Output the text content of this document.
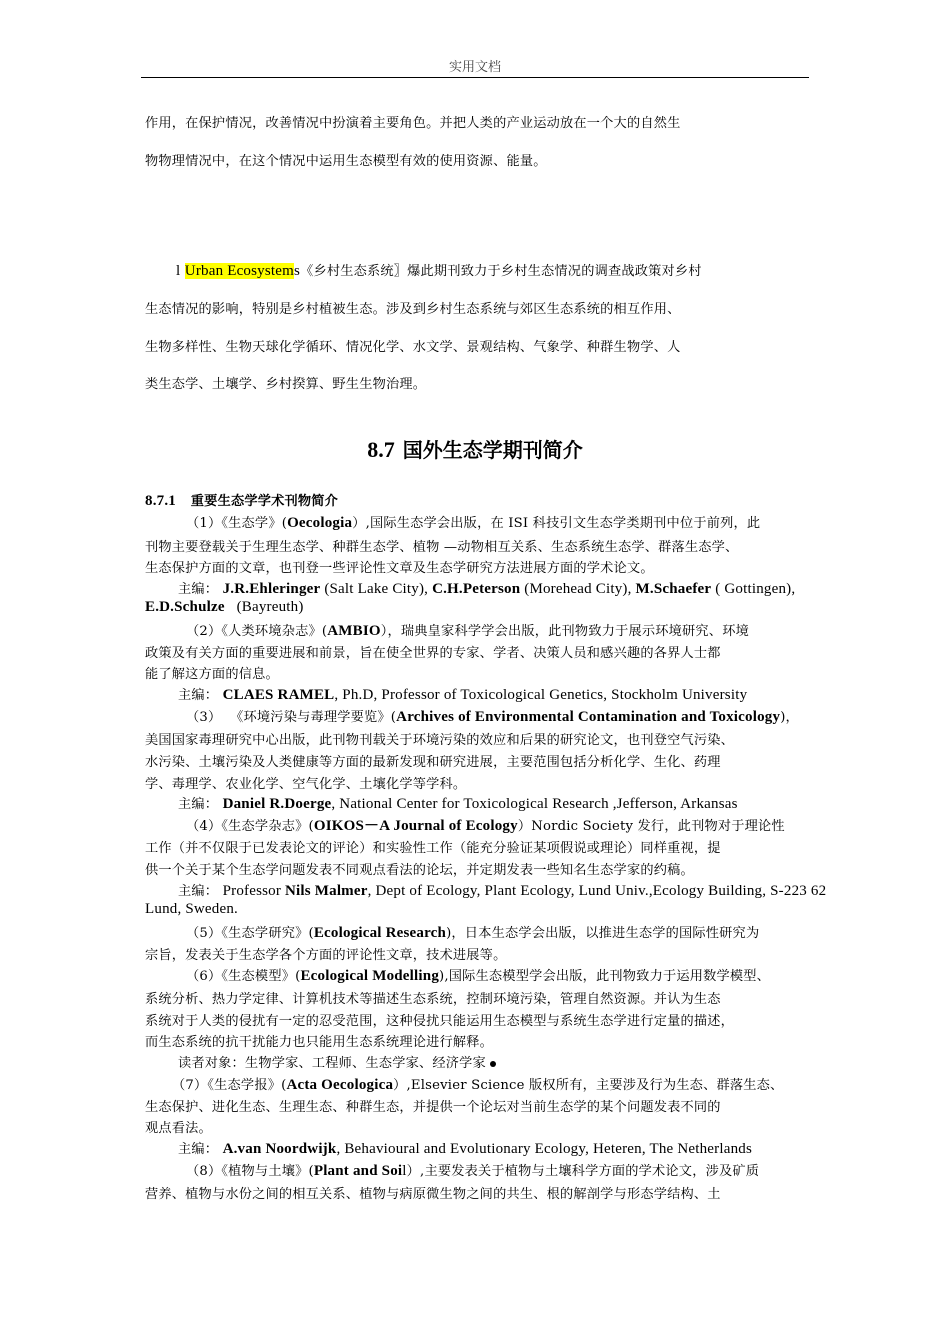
实用文档
作用，在保护情况，改善情况中扮演着主要角色。并把人类的产业运动放在一个大的自然生
物物理情况中，在这个情况中运用生态模型有效的使用资源、能量。
l Urban Ecosystems《乡村生态系统〗爆此期刊致力于乡村生态情况的调查战政策对乡村
生态情况的影响，特别是乡村植被生态。涉及到乡村生态系统与郊区生态系统的相互作用、
生物多样性、生物天球化学循环、情况化学、水文学、景观结构、气象学、种群生物学、人
类生态学、土壤学、乡村揆算、野生生物治理。
8.7 国外生态学期刊简介
8.7.1 重要生态学学术刊物简介
（1）《生态学》(Oecologia）,国际生态学会出版，在 ISI 科技引文生态学类期刊中位于前列，此
刊物主要登载关于生理生态学、种群生态学、植物 —动物相互关系、生态系统生态学、群落生态学、
生态保护方面的文章，也刊登一些评论性文章及生态学研究方法进展方面的学术论文。
主编： J.R.Ehleringer (Salt Lake City), C.H.Peterson (Morehead City), M.Schaefer ( Gottingen),
E.D.Schulze   (Bayreuth)
（2）《人类环境杂志》(AMBIO），瑞典皇家科学学会出版，此刊物致力于展示环境研究、环境
政策及有关方面的重要进展和前景，旨在使全世界的专家、学者、决策人员和感兴趣的各界人士都
能了解这方面的信息。
主编： CLAES RAMEL, Ph.D, Professor of Toxicological Genetics, Stockholm University
（3）  《环境污染与毒理学要览》(Archives of Environmental Contamination and Toxicology)，
美国国家毒理研究中心出版，此刊物刊载关于环境污染的效应和后果的研究论文，也刊登空气污染、
水污染、土壤污染及人类健康等方面的最新发现和研究进展，主要范围包括分析化学、生化、药理
学、毒理学、农业化学、空气化学、土壤化学等学科。
主编： Daniel R.Doerge, National Center for Toxicological Research ,Jefferson, Arkansas
（4）《生态学杂志》(OIKOS－A Journal of Ecology）Nordic Society 发行，此刊物对于理论性
工作（并不仅限于已发表论文的评论）和实验性工作（能充分验证某项假说或理论）同样重视，提
供一个关于某个生态学问题发表不同观点看法的论坛，并定期发表一些知名生态学家的约稿。
主编： Professor Nils Malmer, Dept of Ecology, Plant Ecology, Lund Univ.,Ecology Building, S-223 62
Lund, Sweden.
（5）《生态学研究》(Ecological Research)，日本生态学会出版，以推进生态学的国际性研究为
宗旨，发表关于生态学各个方面的评论性文章，技术进展等。
（6）《生态模型》(Ecological Modelling),国际生态模型学会出版，此刊物致力于运用数学模型、
系统分析、热力学定律、计算机技术等描述生态系统，控制环境污染，管理自然资源。并认为生态
系统对于人类的侵扰有一定的忍受范围，这种侵扰只能运用生态模型与系统生态学进行定量的描述，
而生态系统的抗干扰能力也只能用生态系统理论进行解释。
读者对象：生物学家、工程师、生态学家、经济学家
（7）《生态学报》(Acta Oecologica）,Elsevier Science 版权所有，主要涉及行为生态、群落生态、
生态保护、进化生态、生理生态、种群生态，并提供一个论坛对当前生态学的某个问题发表不同的
观点看法。
主编： A.van Noordwijk, Behavioural and Evolutionary Ecology, Heteren, The Netherlands
（8）《植物与土壤》(Plant and Soil）,主要发表关于植物与土壤科学方面的学术论文，涉及矿质
营养、植物与水份之间的相互关系、植物与病原微生物之间的共生、根的解剖学与形态学结构、土
